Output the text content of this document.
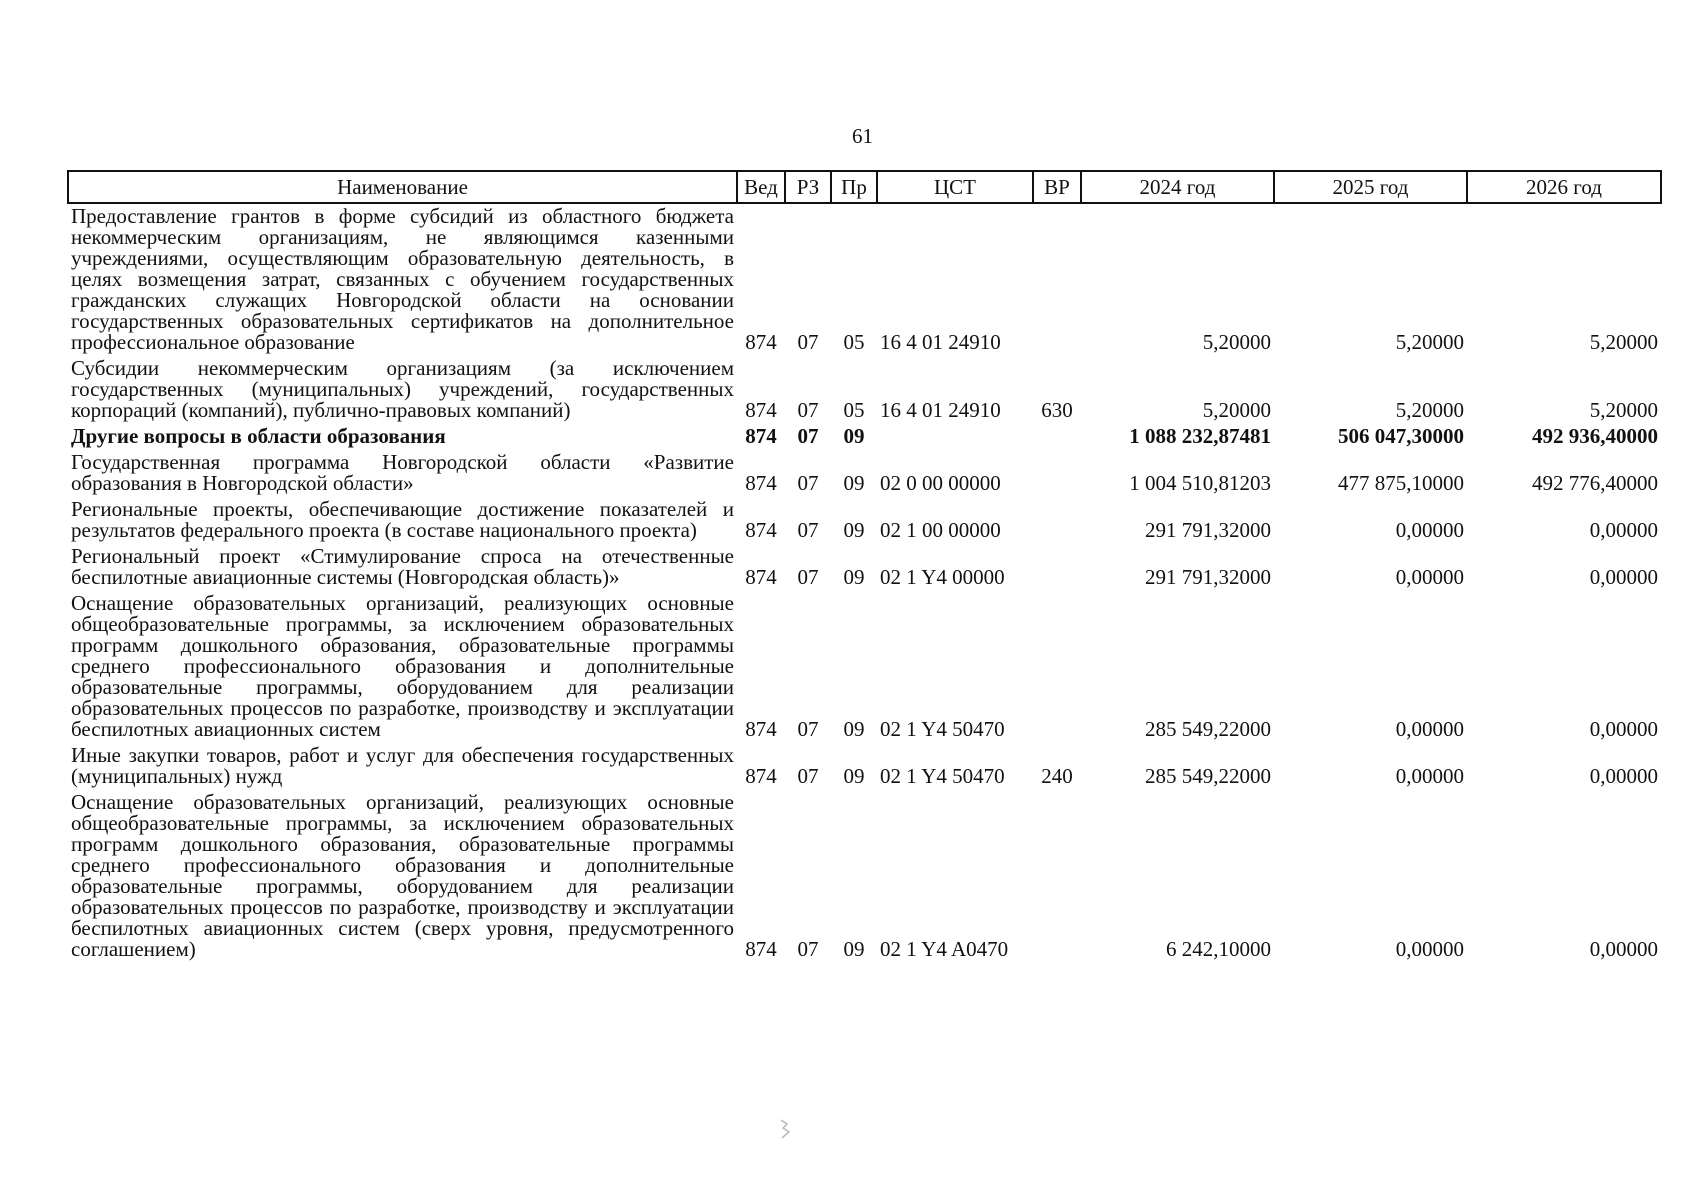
61
Наименование	Вед	РЗ	Пр	ЦСТ	ВР	2024 год	2025 год	2026 год
Предоставление грантов в форме субсидий из областного бюджета некоммерческим организациям, не являющимся казенными учреждениями, осуществляющим образовательную деятельность, в целях возмещения затрат, связанных с обучением государственных гражданских служащих Новгородской области на основании государственных образовательных сертификатов на дополнительное профессиональное образование	874	07	05	16 4 01 24910		5,20000	5,20000	5,20000
Субсидии некоммерческим организациям (за исключением государственных (муниципальных) учреждений, государственных корпораций (компаний), публично-правовых компаний)	874	07	05	16 4 01 24910	630	5,20000	5,20000	5,20000
Другие вопросы в области образования	874	07	09			1 088 232,87481	506 047,30000	492 936,40000
Государственная программа Новгородской области «Развитие образования в Новгородской области»	874	07	09	02 0 00 00000		1 004 510,81203	477 875,10000	492 776,40000
Региональные проекты, обеспечивающие достижение показателей и результатов федерального проекта (в составе национального проекта)	874	07	09	02 1 00 00000		291 791,32000	0,00000	0,00000
Региональный проект «Стимулирование спроса на отечественные беспилотные авиационные системы (Новгородская область)»	874	07	09	02 1 Y4 00000		291 791,32000	0,00000	0,00000
Оснащение образовательных организаций, реализующих основные общеобразовательные программы, за исключением образовательных программ дошкольного образования, образовательные программы среднего профессионального образования и дополнительные образовательные программы, оборудованием для реализации образовательных процессов по разработке, производству и эксплуатации беспилотных авиационных систем	874	07	09	02 1 Y4 50470		285 549,22000	0,00000	0,00000
Иные закупки товаров, работ и услуг для обеспечения государственных (муниципальных) нужд	874	07	09	02 1 Y4 50470	240	285 549,22000	0,00000	0,00000
Оснащение образовательных организаций, реализующих основные общеобразовательные программы, за исключением образовательных программ дошкольного образования, образовательные программы среднего профессионального образования и дополнительные образовательные программы, оборудованием для реализации образовательных процессов по разработке, производству и эксплуатации беспилотных авиационных систем (сверх уровня, предусмотренного соглашением)	874	07	09	02 1 Y4 A0470		6 242,10000	0,00000	0,00000
